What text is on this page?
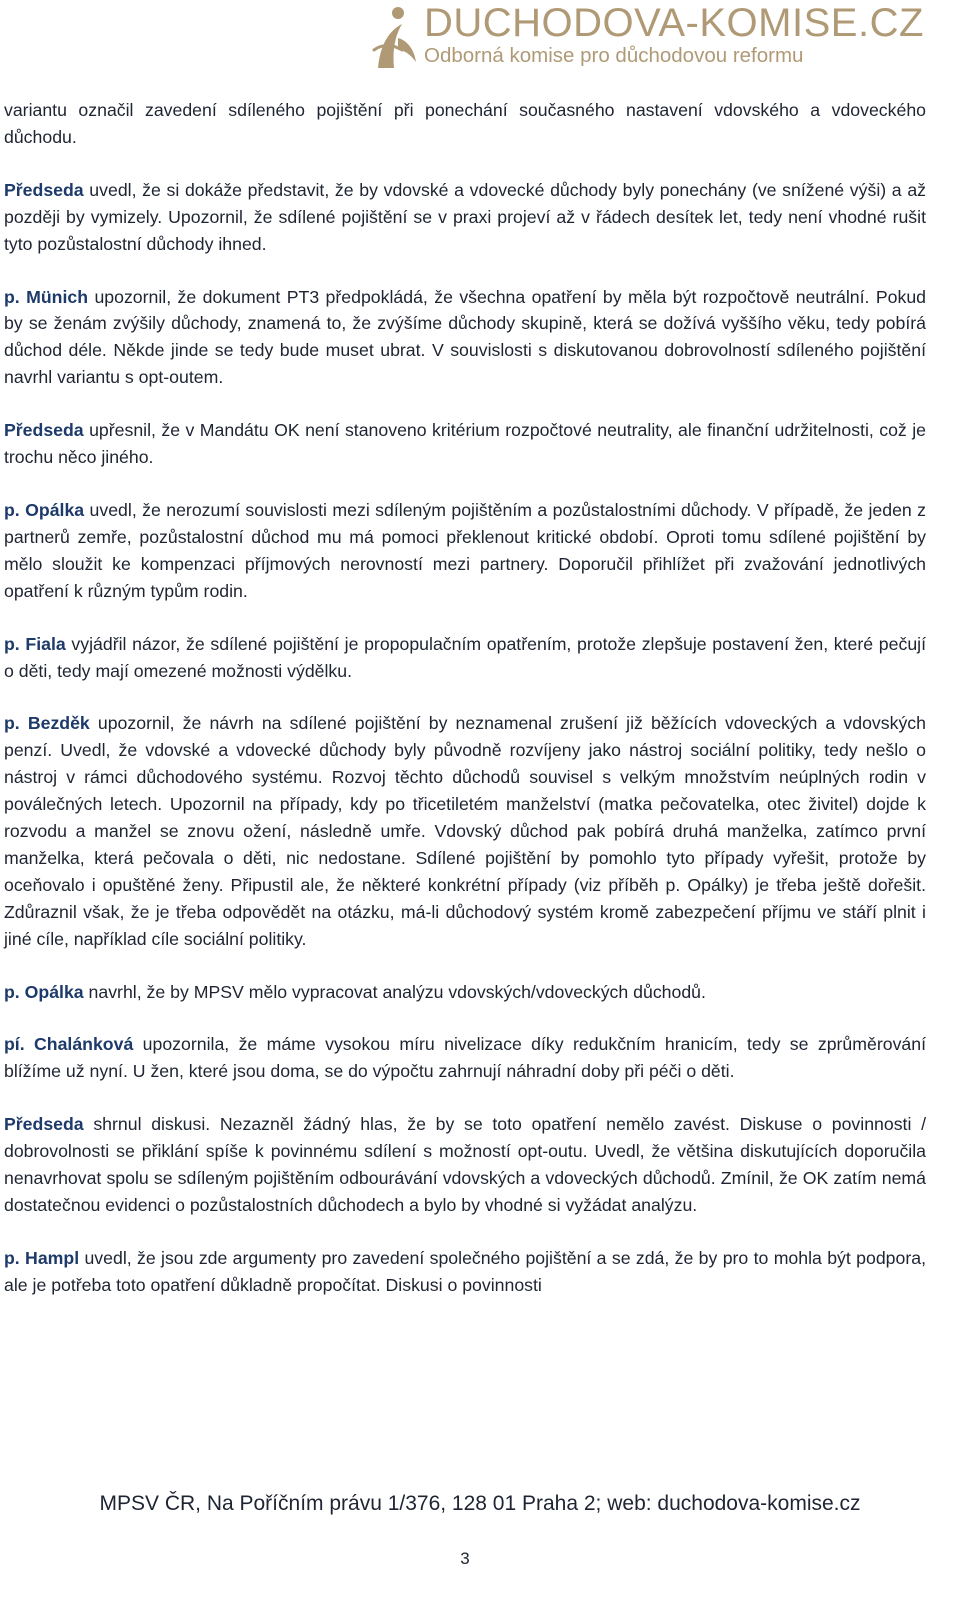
DUCHODOVA-KOMISE.CZ
Odborná komise pro důchodovou reformu

variantu označil zavedení sdíleného pojištění při ponechání současného nastavení vdovského a vdoveckého důchodu.

Předseda uvedl, že si dokáže představit, že by vdovské a vdovecké důchody byly ponechány (ve snížené výši) a až později by vymizely. Upozornil, že sdílené pojištění se v praxi projeví až v řádech desítek let, tedy není vhodné rušit tyto pozůstalostní důchody ihned.

p. Münich upozornil, že dokument PT3 předpokládá, že všechna opatření by měla být rozpočtově neutrální. Pokud by se ženám zvýšily důchody, znamená to, že zvýšíme důchody skupině, která se dožívá vyššího věku, tedy pobírá důchod déle. Někde jinde se tedy bude muset ubrat. V souvislosti s diskutovanou dobrovolností sdíleného pojištění navrhl variantu s opt-outem.

Předseda upřesnil, že v Mandátu OK není stanoveno kritérium rozpočtové neutrality, ale finanční udržitelnosti, což je trochu něco jiného.

p. Opálka uvedl, že nerozumí souvislosti mezi sdíleným pojištěním a pozůstalostními důchody. V případě, že jeden z partnerů zemře, pozůstalostní důchod mu má pomoci překlenout kritické období. Oproti tomu sdílené pojištění by mělo sloužit ke kompenzaci příjmových nerovností mezi partnery. Doporučil přihlížet při zvažování jednotlivých opatření k různým typům rodin.

p. Fiala vyjádřil názor, že sdílené pojištění je propopulačním opatřením, protože zlepšuje postavení žen, které pečují o děti, tedy mají omezené možnosti výdělku.

p. Bezděk upozornil, že návrh na sdílené pojištění by neznamenal zrušení již běžících vdoveckých a vdovských penzí. Uvedl, že vdovské a vdovecké důchody byly původně rozvíjeny jako nástroj sociální politiky, tedy nešlo o nástroj v rámci důchodového systému. Rozvoj těchto důchodů souvisel s velkým množstvím neúplných rodin v poválečných letech. Upozornil na případy, kdy po třicetiletém manželství (matka pečovatelka, otec živitel) dojde k rozvodu a manžel se znovu ožení, následně umře. Vdovský důchod pak pobírá druhá manželka, zatímco první manželka, která pečovala o děti, nic nedostane. Sdílené pojištění by pomohlo tyto případy vyřešit, protože by oceňovalo i opuštěné ženy. Připustil ale, že některé konkrétní případy (viz příběh p. Opálky) je třeba ještě dořešit. Zdůraznil však, že je třeba odpovědět na otázku, má-li důchodový systém kromě zabezpečení příjmu ve stáří plnit i jiné cíle, například cíle sociální politiky.

p. Opálka navrhl, že by MPSV mělo vypracovat analýzu vdovských/vdoveckých důchodů.

pí. Chalánková upozornila, že máme vysokou míru nivelizace díky redukčním hranicím, tedy se zprůměrování blížíme už nyní. U žen, které jsou doma, se do výpočtu zahrnují náhradní doby při péči o děti.

Předseda shrnul diskusi. Nezazněl žádný hlas, že by se toto opatření nemělo zavést. Diskuse o povinnosti / dobrovolnosti se přiklání spíše k povinnému sdílení s možností opt-outu. Uvedl, že většina diskutujících doporučila nenavrhovat spolu se sdíleným pojištěním odbourávání vdovských a vdoveckých důchodů. Zmínil, že OK zatím nemá dostatečnou evidenci o pozůstalostních důchodech a bylo by vhodné si vyžádat analýzu.

p. Hampl uvedl, že jsou zde argumenty pro zavedení společného pojištění a se zdá, že by pro to mohla být podpora, ale je potřeba toto opatření důkladně propočítat. Diskusi o povinnosti

MPSV ČR, Na Poříčním právu 1/376, 128 01 Praha 2; web: duchodova-komise.cz
3
